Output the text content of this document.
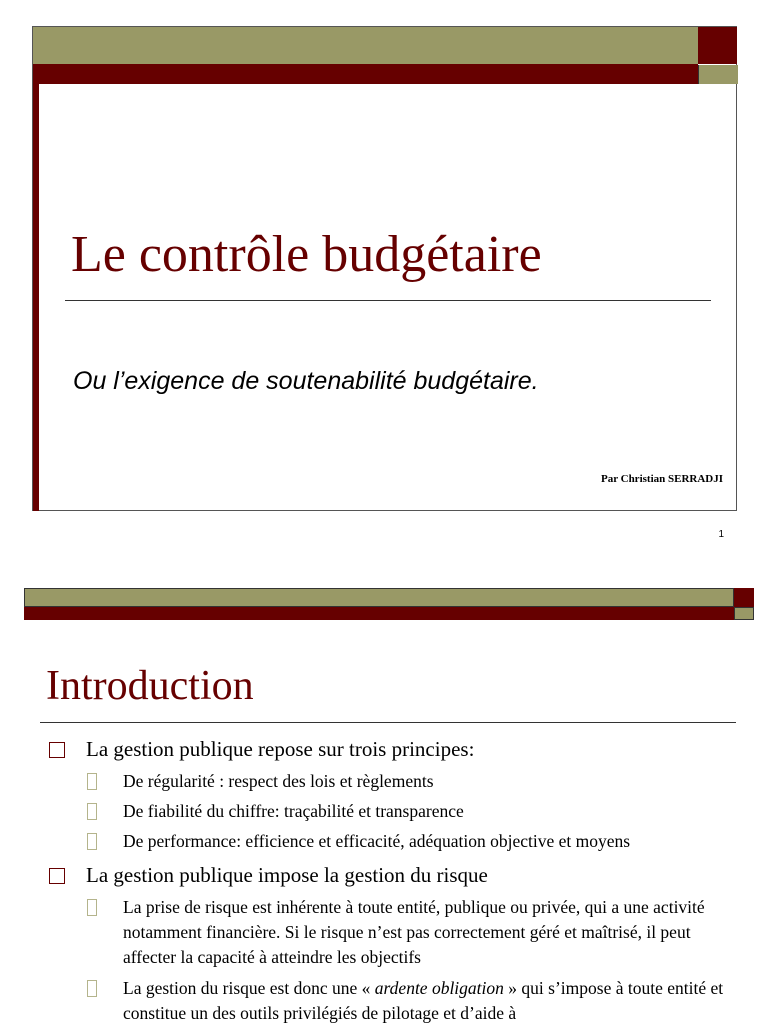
Le contrôle budgétaire
Ou l’exigence de soutenabilité budgétaire.
Par Christian SERRADJI
1
Introduction
La gestion publique repose sur trois principes:
De régularité : respect des lois et règlements
De fiabilité du chiffre: traçabilité et transparence
De performance: efficience et efficacité, adéquation objective et moyens
La gestion publique impose la gestion du risque
La prise de risque est inhérente à toute entité, publique ou privée, qui a une activité notamment financière. Si le risque n’est pas correctement géré et maîtrisé, il peut affecter la capacité à atteindre les objectifs
La gestion du risque est donc une « ardente obligation » qui s’impose à toute entité et constitue un des outils privilégiés de pilotage et d’aide à
